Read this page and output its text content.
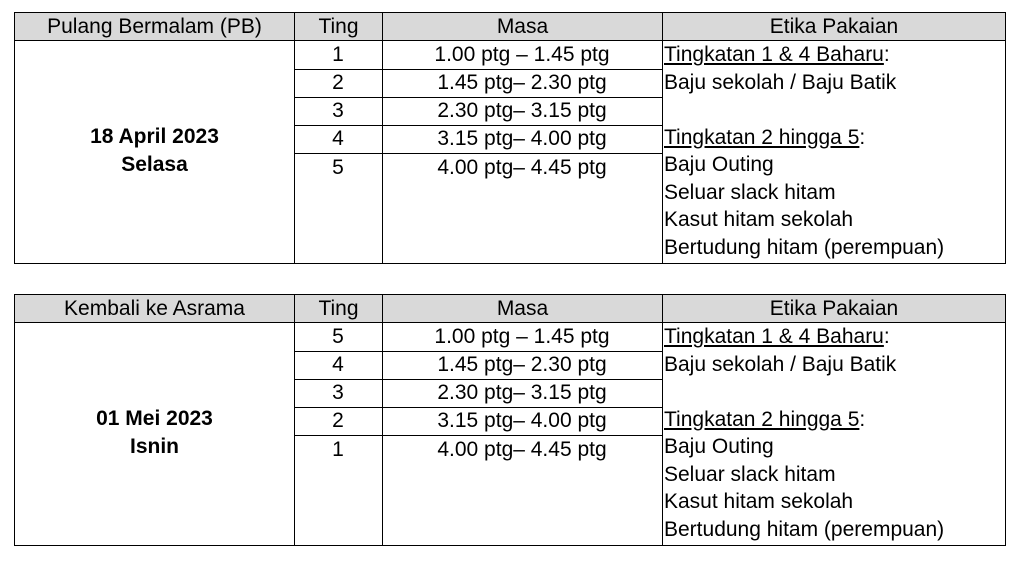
Pulang Bermalam (PB)	Ting	Masa	Etika Pakaian
18 April 2023
Selasa
1	1.00 ptg – 1.45 ptg
2	1.45 ptg– 2.30 ptg
3	2.30 ptg– 3.15 ptg
4	3.15 ptg– 4.00 ptg
5	4.00 ptg– 4.45 ptg
Tingkatan 1 & 4 Baharu:
Baju sekolah / Baju Batik
Tingkatan 2 hingga 5:
Baju Outing
Seluar slack hitam
Kasut hitam sekolah
Bertudung hitam (perempuan)
Kembali ke Asrama	Ting	Masa	Etika Pakaian
01 Mei 2023
Isnin
5	1.00 ptg – 1.45 ptg
4	1.45 ptg– 2.30 ptg
3	2.30 ptg– 3.15 ptg
2	3.15 ptg– 4.00 ptg
1	4.00 ptg– 4.45 ptg
Tingkatan 1 & 4 Baharu:
Baju sekolah / Baju Batik
Tingkatan 2 hingga 5:
Baju Outing
Seluar slack hitam
Kasut hitam sekolah
Bertudung hitam (perempuan)
